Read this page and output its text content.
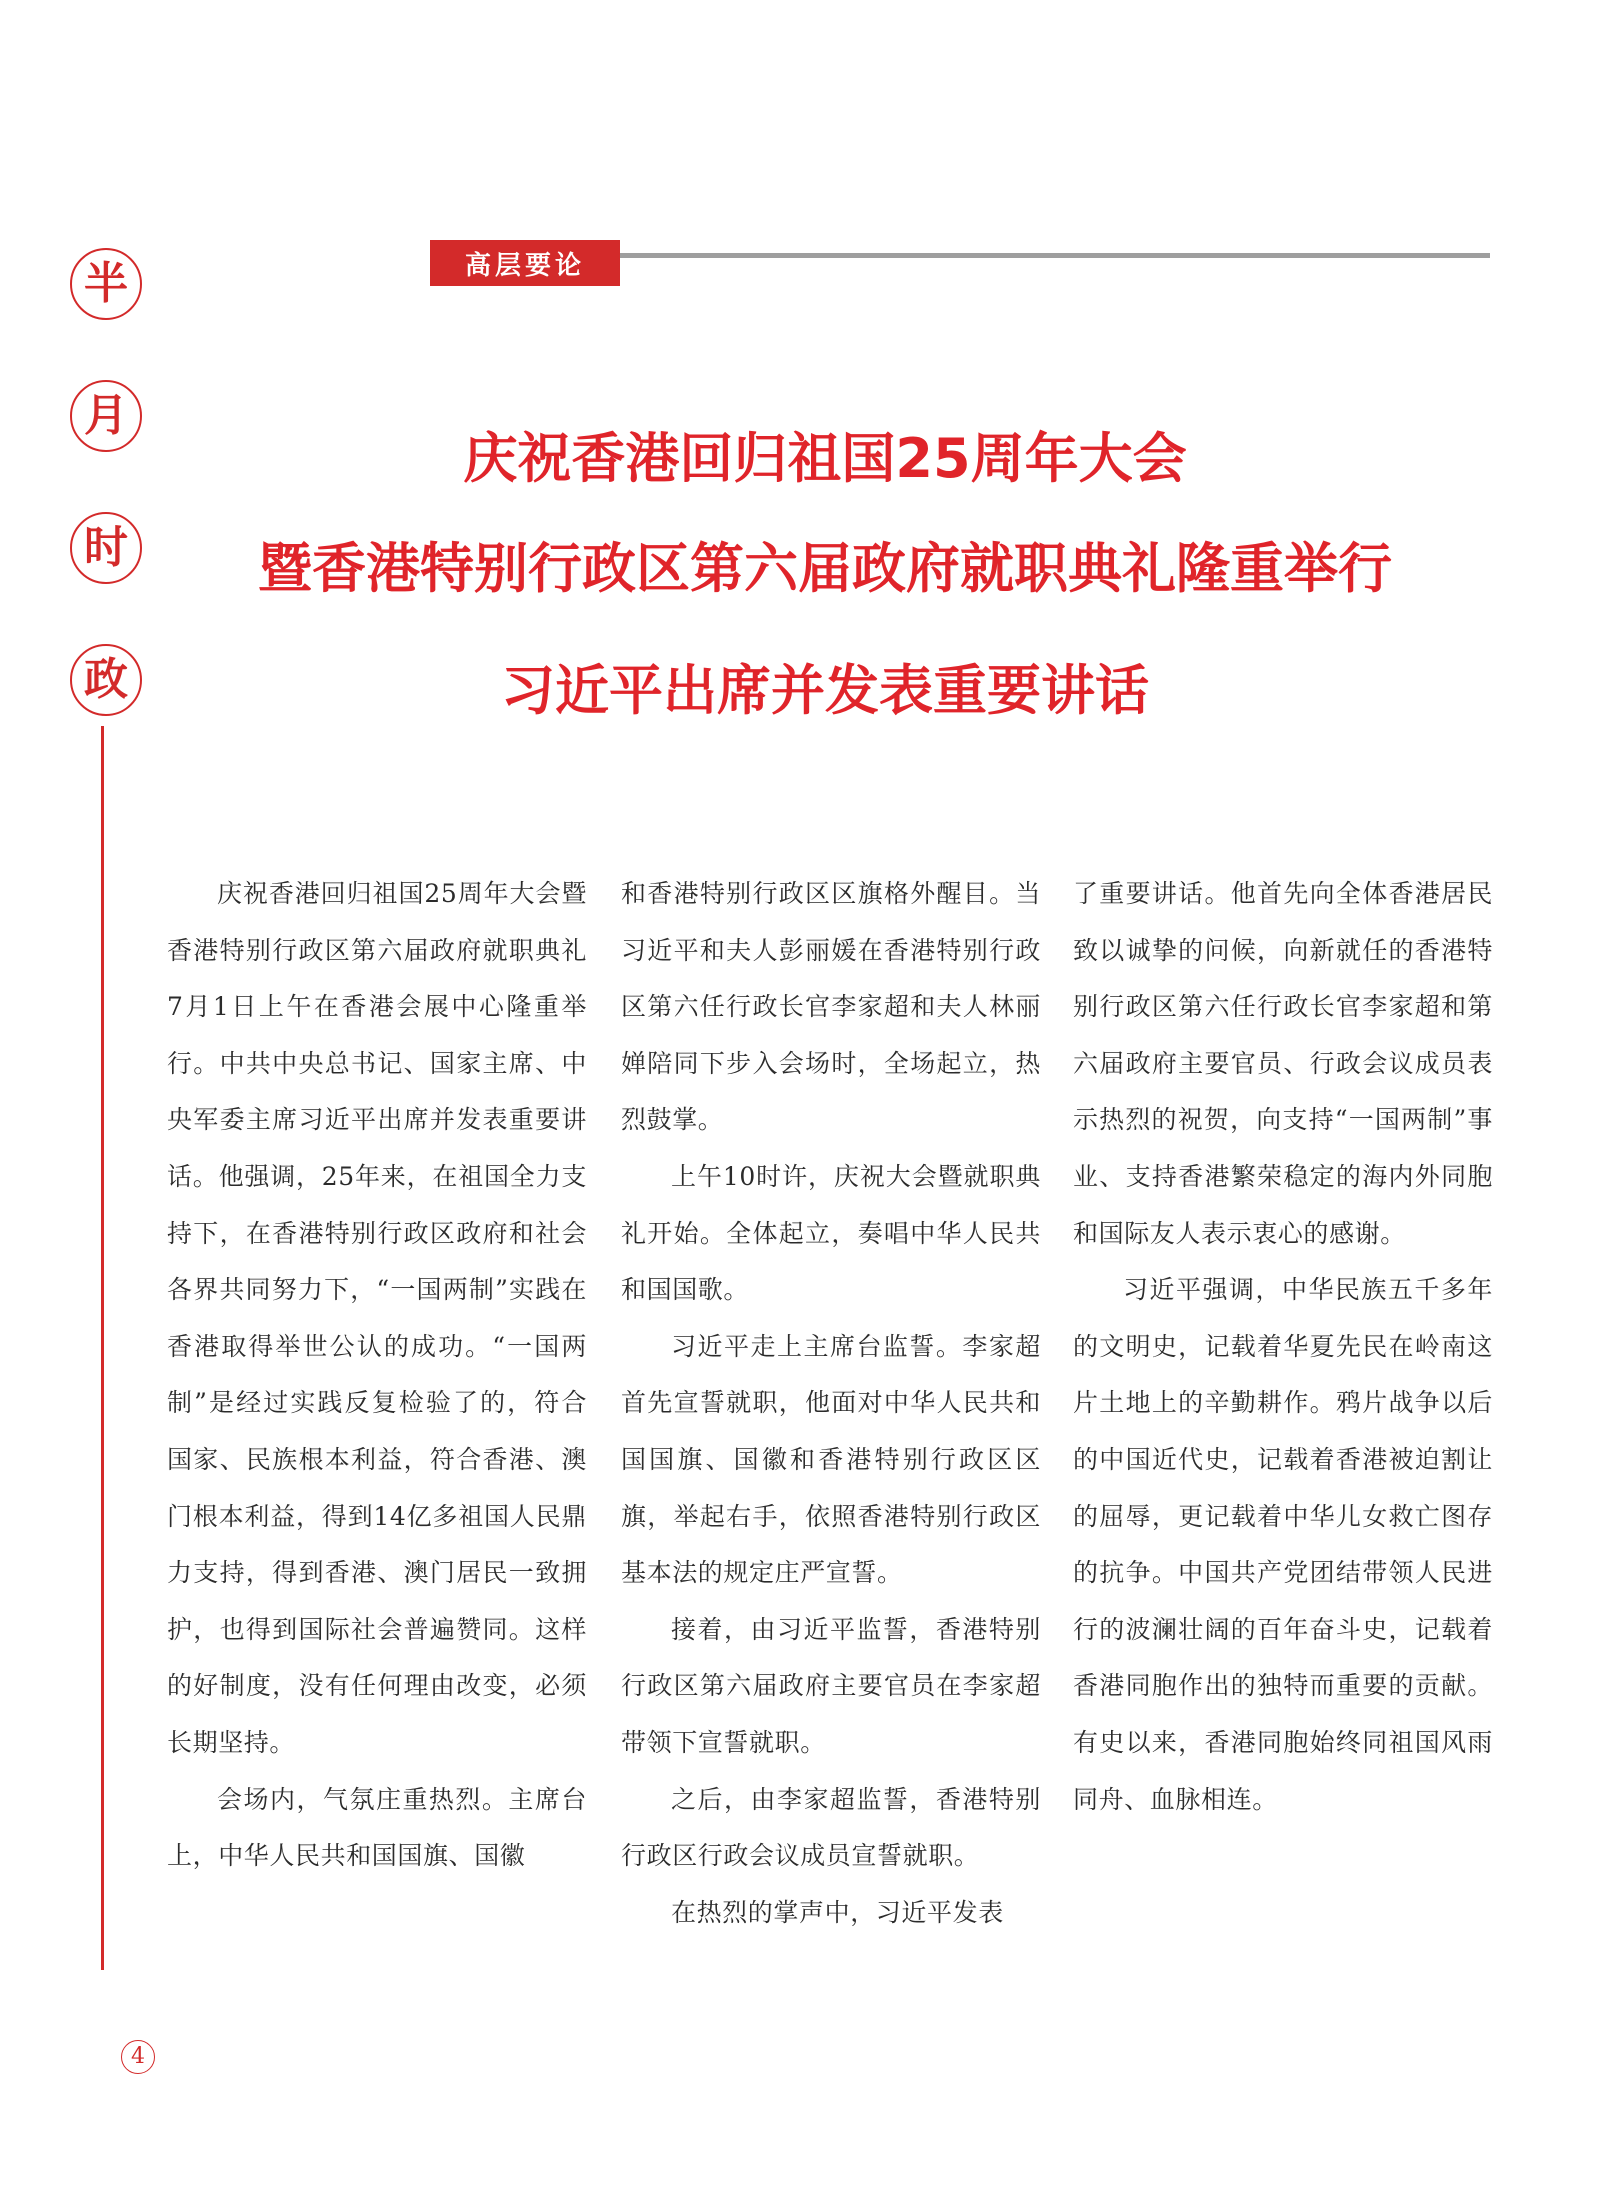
半
月
时
政
高层要论
庆祝香港回归祖国25周年大会
暨香港特别行政区第六届政府就职典礼隆重举行
习近平出席并发表重要讲话

庆祝香港回归祖国25周年大会暨香港特别行政区第六届政府就职典礼7月1日上午在香港会展中心隆重举行。中共中央总书记、国家主席、中央军委主席习近平出席并发表重要讲话。他强调，25年来，在祖国全力支持下，在香港特别行政区政府和社会各界共同努力下，“一国两制”实践在香港取得举世公认的成功。“一国两制”是经过实践反复检验了的，符合国家、民族根本利益，符合香港、澳门根本利益，得到14亿多祖国人民鼎力支持，得到香港、澳门居民一致拥护，也得到国际社会普遍赞同。这样的好制度，没有任何理由改变，必须长期坚持。

会场内，气氛庄重热烈。主席台上，中华人民共和国国旗、国徽

和香港特别行政区区旗格外醒目。当习近平和夫人彭丽媛在香港特别行政区第六任行政长官李家超和夫人林丽婵陪同下步入会场时，全场起立，热烈鼓掌。

上午10时许，庆祝大会暨就职典礼开始。全体起立，奏唱中华人民共和国国歌。

习近平走上主席台监誓。李家超首先宣誓就职，他面对中华人民共和国国旗、国徽和香港特别行政区区旗，举起右手，依照香港特别行政区基本法的规定庄严宣誓。

接着，由习近平监誓，香港特别行政区第六届政府主要官员在李家超带领下宣誓就职。

之后，由李家超监誓，香港特别行政区行政会议成员宣誓就职。

在热烈的掌声中，习近平发表

了重要讲话。他首先向全体香港居民致以诚挚的问候，向新就任的香港特别行政区第六任行政长官李家超和第六届政府主要官员、行政会议成员表示热烈的祝贺，向支持“一国两制”事业、支持香港繁荣稳定的海内外同胞和国际友人表示衷心的感谢。

习近平强调，中华民族五千多年的文明史，记载着华夏先民在岭南这片土地上的辛勤耕作。鸦片战争以后的中国近代史，记载着香港被迫割让的屈辱，更记载着中华儿女救亡图存的抗争。中国共产党团结带领人民进行的波澜壮阔的百年奋斗史，记载着香港同胞作出的独特而重要的贡献。有史以来，香港同胞始终同祖国风雨同舟、血脉相连。

4
